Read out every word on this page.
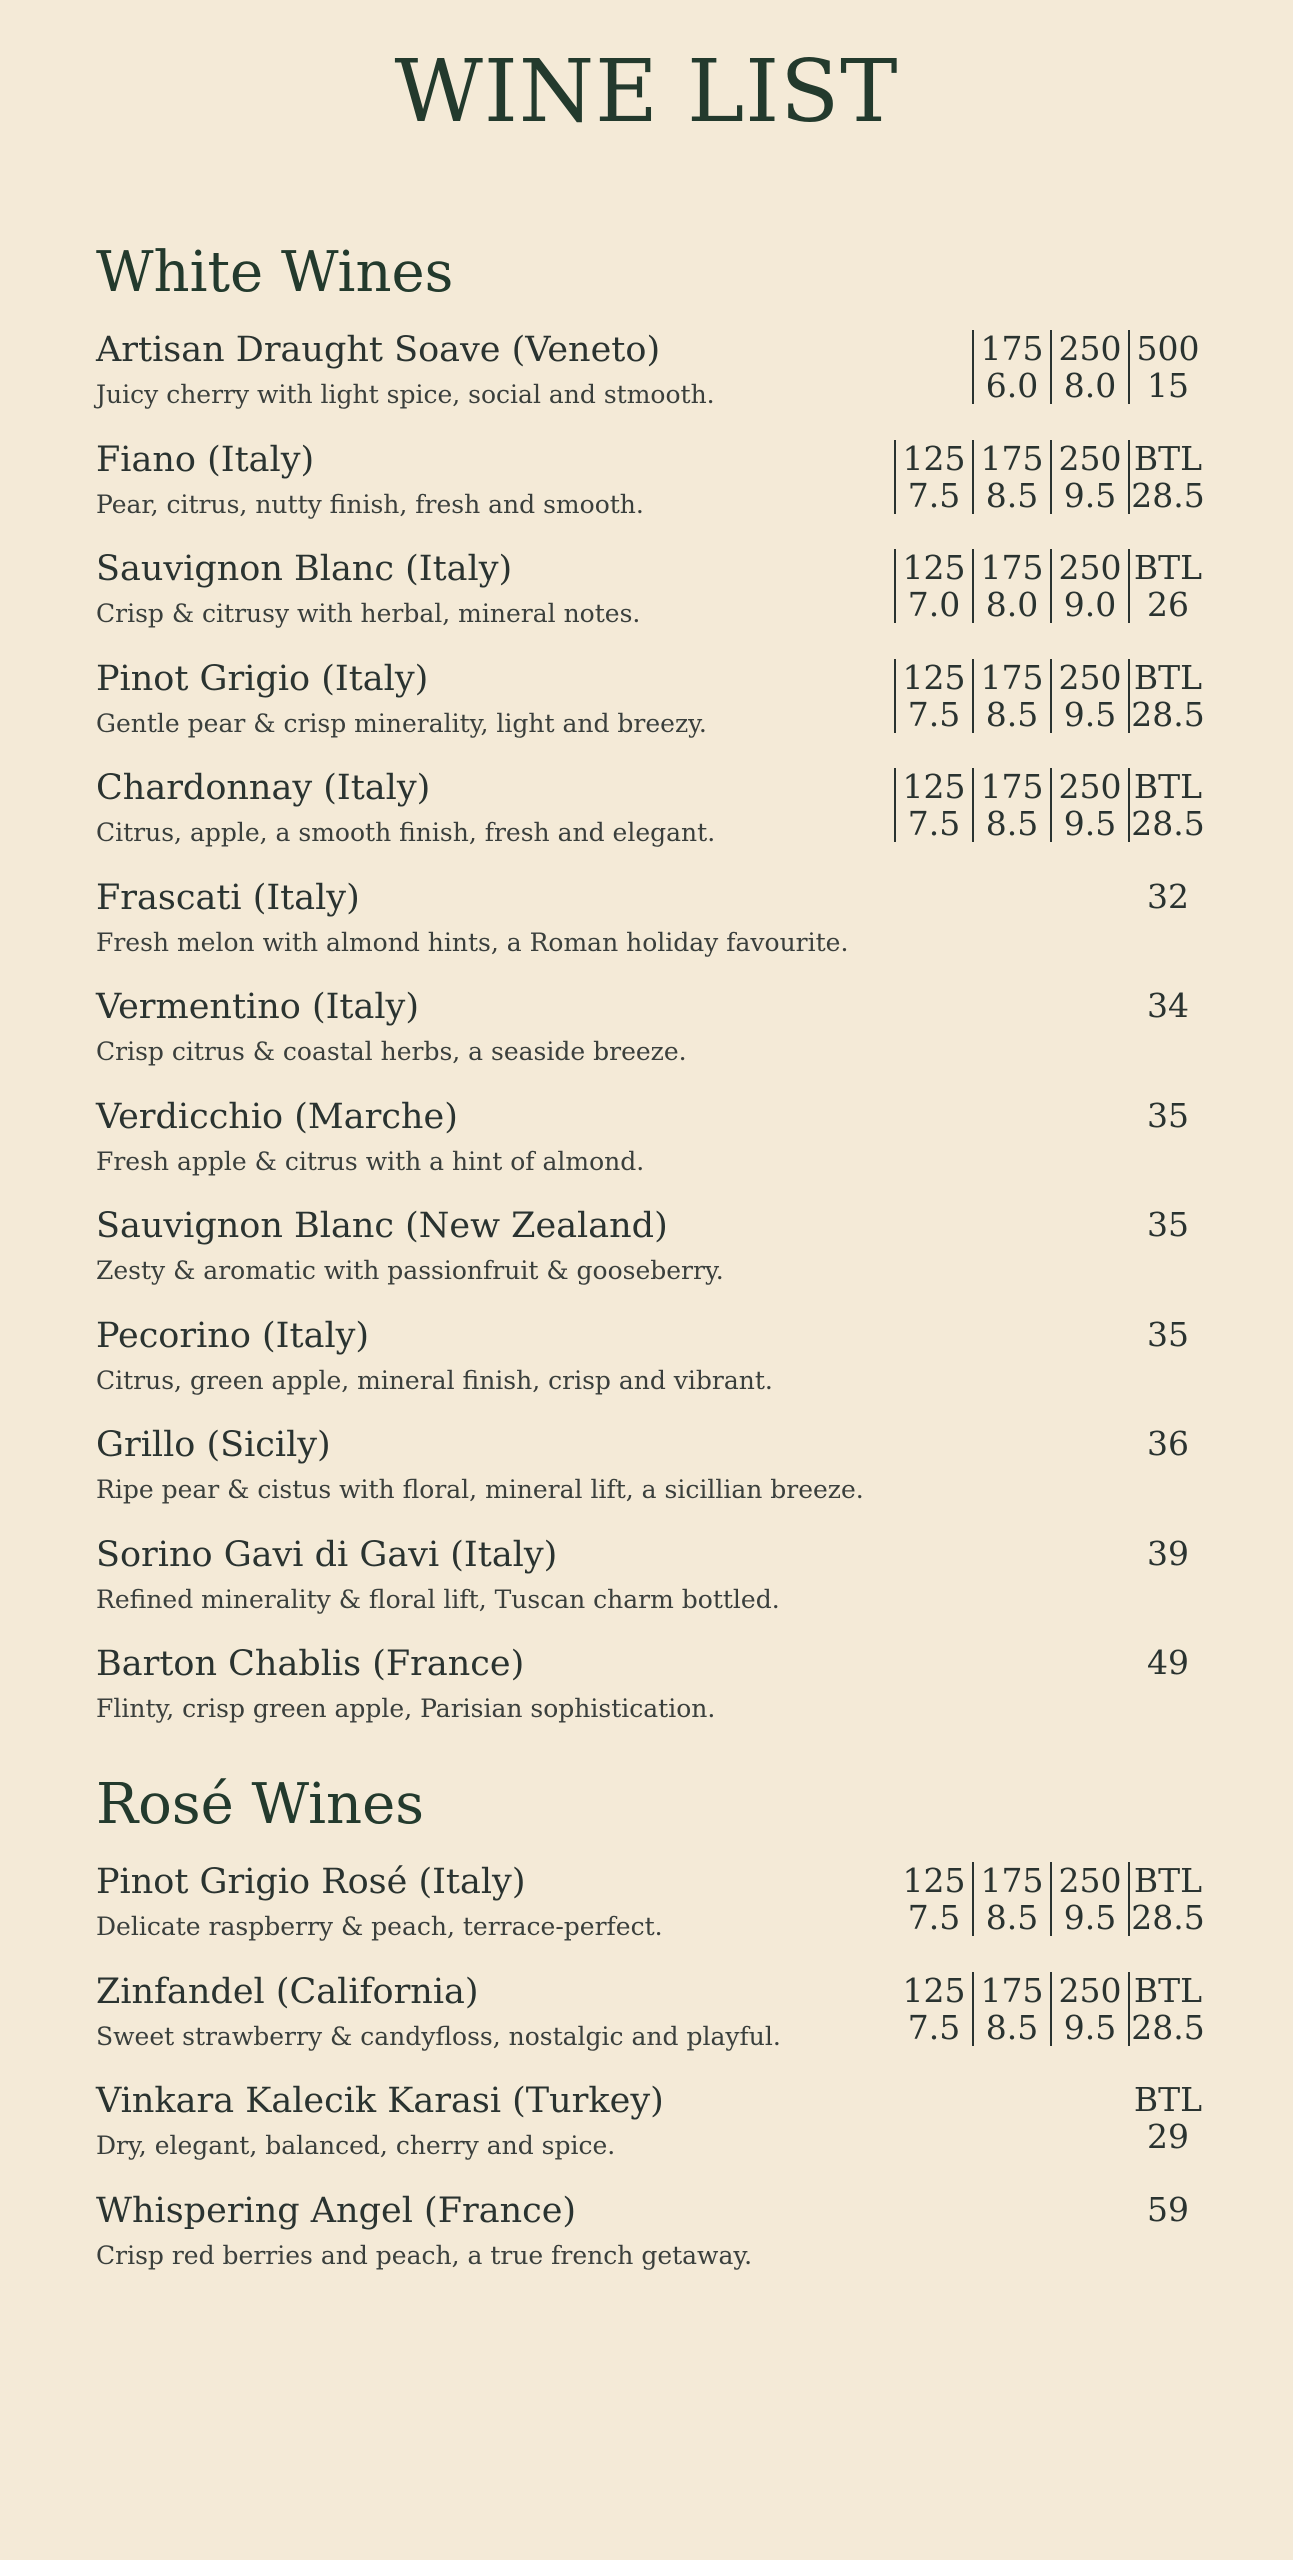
WINE LIST
White Wines
Artisan Draught Soave (Veneto)
Juicy cherry with light spice, social and stmooth.
175
6.0
250
8.0
500
15
Fiano (Italy)
Pear, citrus, nutty finish, fresh and smooth.
125
7.5
175
8.5
250
9.5
BTL
28.5
Sauvignon Blanc (Italy)
Crisp & citrusy with herbal, mineral notes.
125
7.0
175
8.0
250
9.0
BTL
26
Pinot Grigio (Italy)
Gentle pear & crisp minerality, light and breezy.
125
7.5
175
8.5
250
9.5
BTL
28.5
Chardonnay (Italy)
Citrus, apple, a smooth finish, fresh and elegant.
125
7.5
175
8.5
250
9.5
BTL
28.5
Frascati (Italy)
Fresh melon with almond hints, a Roman holiday favourite.
32
Vermentino (Italy)
Crisp citrus & coastal herbs, a seaside breeze.
34
Verdicchio (Marche)
Fresh apple & citrus with a hint of almond.
35
Sauvignon Blanc (New Zealand)
Zesty & aromatic with passionfruit & gooseberry.
35
Pecorino (Italy)
Citrus, green apple, mineral finish, crisp and vibrant.
35
Grillo (Sicily)
Ripe pear & cistus with floral, mineral lift, a sicillian breeze.
36
Sorino Gavi di Gavi (Italy)
Refined minerality & floral lift, Tuscan charm bottled.
39
Barton Chablis (France)
Flinty, crisp green apple, Parisian sophistication.
49
Rosé Wines
Pinot Grigio Rosé (Italy)
Delicate raspberry & peach, terrace-perfect.
125
7.5
175
8.5
250
9.5
BTL
28.5
Zinfandel (California)
Sweet strawberry & candyfloss, nostalgic and playful.
125
7.5
175
8.5
250
9.5
BTL
28.5
Vinkara Kalecik Karasi (Turkey)
Dry, elegant, balanced, cherry and spice.
BTL
29
Whispering Angel (France)
Crisp red berries and peach, a true french getaway.
59
